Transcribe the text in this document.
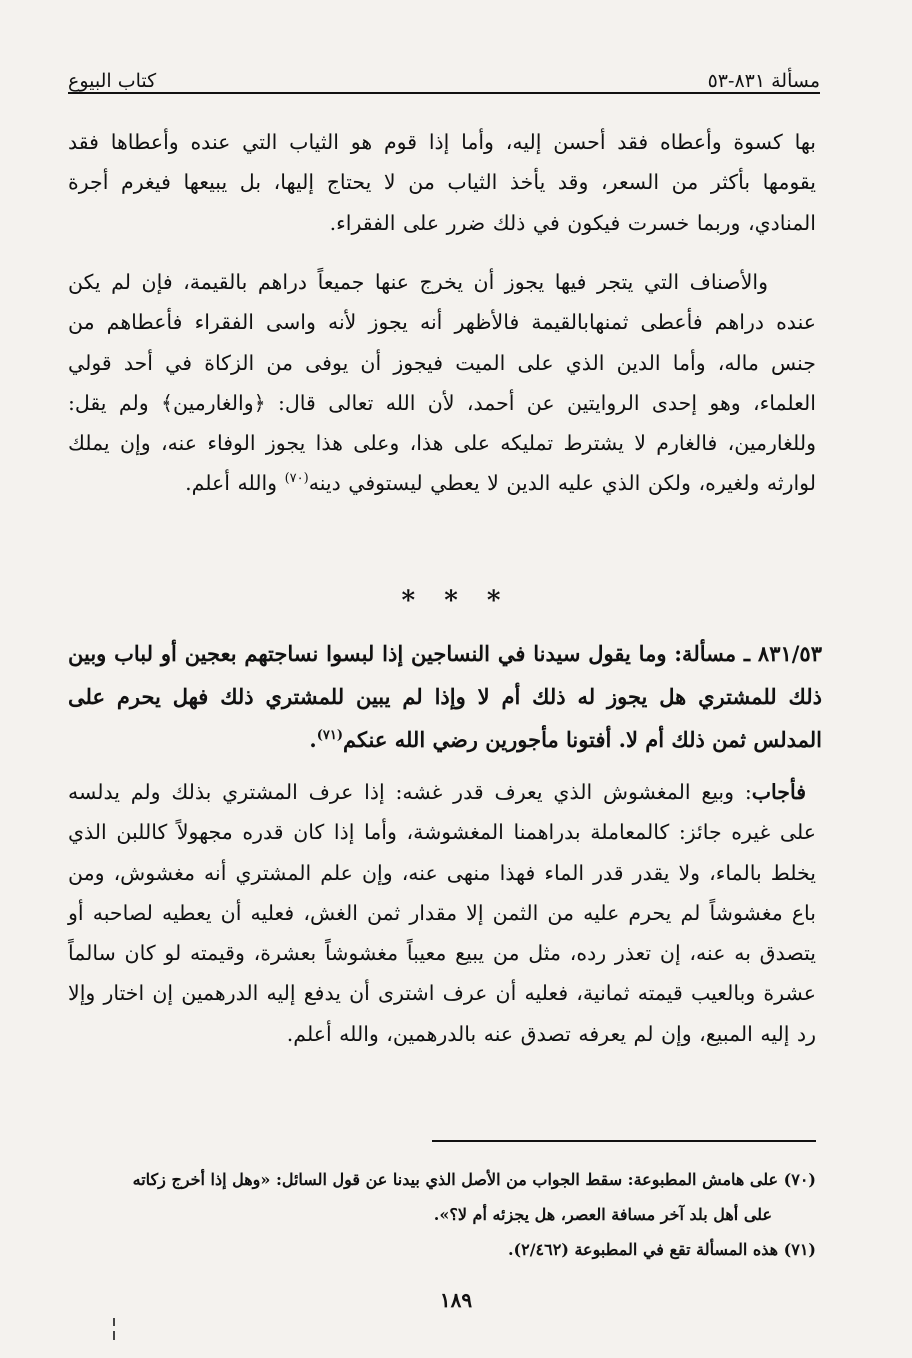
مسألة ٨٣١-٥٣
كتاب البيوع

بها كسوة وأعطاه فقد أحسن إليه، وأما إذا قوم هو الثياب التي عنده وأعطاها فقد يقومها بأكثر من السعر، وقد يأخذ الثياب من لا يحتاج إليها، بل يبيعها فيغرم أجرة المنادي، وربما خسرت فيكون في ذلك ضرر على الفقراء.

والأصناف التي يتجر فيها يجوز أن يخرج عنها جميعاً دراهم بالقيمة، فإن لم يكن عنده دراهم فأعطى ثمنهابالقيمة فالأظهر أنه يجوز لأنه واسى الفقراء فأعطاهم من جنس ماله، وأما الدين الذي على الميت فيجوز أن يوفى من الزكاة في أحد قولي العلماء، وهو إحدى الروايتين عن أحمد، لأن الله تعالى قال: ﴿والغارمين﴾ ولم يقل: وللغارمين، فالغارم لا يشترط تمليكه على هذا، وعلى هذا يجوز الوفاء عنه، وإن يملك لوارثه ولغيره، ولكن الذي عليه الدين لا يعطي ليستوفي دينه$^{(٧٠)}$ والله أعلم.

* * *

٨٣١/٥٣ ـ مسألة: وما يقول سيدنا في النساجين إذا لبسوا نساجتهم بعجين أو لباب وبين ذلك للمشتري هل يجوز له ذلك أم لا وإذا لم يبين للمشتري ذلك فهل يحرم على المدلس ثمن ذلك أم لا. أفتونا مأجورين رضي الله عنكم$^{(٧١)}$.

فأجاب: وبيع المغشوش الذي يعرف قدر غشه: إذا عرف المشتري بذلك ولم يدلسه على غيره جائز: كالمعاملة بدراهمنا المغشوشة، وأما إذا كان قدره مجهولاً كاللبن الذي يخلط بالماء، ولا يقدر قدر الماء فهذا منهى عنه، وإن علم المشتري أنه مغشوش، ومن باع مغشوشاً لم يحرم عليه من الثمن إلا مقدار ثمن الغش، فعليه أن يعطيه لصاحبه أو يتصدق به عنه، إن تعذر رده، مثل من يبيع معيباً مغشوشاً بعشرة، وقيمته لو كان سالماً عشرة وبالعيب قيمته ثمانية، فعليه أن عرف اشترى أن يدفع إليه الدرهمين إن اختار وإلا رد إليه المبيع، وإن لم يعرفه تصدق عنه بالدرهمين، والله أعلم.

(٧٠) على هامش المطبوعة: سقط الجواب من الأصل الذي بيدنا عن قول السائل: «وهل إذا أخرج زكاته

على أهل بلد آخر مسافة العصر، هل يجزئه أم لا؟».

(٧١) هذه المسألة تقع في المطبوعة (٢/٤٦٢).

١٨٩
